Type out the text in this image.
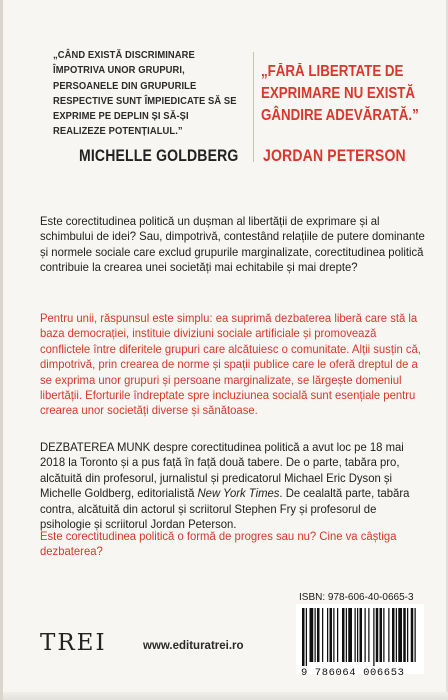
„CÂND EXISTĂ DISCRIMINARE ÎMPOTRIVA UNOR GRUPURI, PERSOANELE DIN GRUPURILE RESPECTIVE SUNT ÎMPIEDICATE SĂ SE EXPRIME PE DEPLIN ȘI SĂ-ȘI REALIZEZE POTENȚIALUL.”
MICHELLE GOLDBERG
„FĂRĂ LIBERTATE DE EXPRIMARE NU EXISTĂ GÂNDIRE ADEVĂRATĂ.”
JORDAN PETERSON
Este corectitudinea politică un dușman al libertății de exprimare și al schimbului de idei? Sau, dimpotrivă, contestând relațiile de putere dominante și normele sociale care exclud grupurile marginalizate, corectitudinea politică contribuie la crearea unei societăți mai echitabile și mai drepte?
Pentru unii, răspunsul este simplu: ea suprimă dezbaterea liberă care stă la baza democrației, instituie diviziuni sociale artificiale și promovează conflictele între diferitele grupuri care alcătuiesc o comunitate. Alții susțin că, dimpotrivă, prin crearea de norme și spații publice care le oferă dreptul de a se exprima unor grupuri și persoane marginalizate, se lărgește domeniul libertății. Eforturile îndreptate spre incluziunea socială sunt esențiale pentru crearea unor societăți diverse și sănătoase.
DEZBATEREA MUNK despre corectitudinea politică a avut loc pe 18 mai 2018 la Toronto și a pus față în față două tabere. De o parte, tabăra pro, alcătuită din profesorul, jurnalistul și predicatorul Michael Eric Dyson și Michelle Goldberg, editorialistă New York Times. De cealaltă parte, tabăra contra, alcătuită din actorul și scriitorul Stephen Fry și profesorul de psihologie și scriitorul Jordan Peterson.
Este corectitudinea politică o formă de progres sau nu? Cine va câștiga dezbaterea?
TREI	www.edituratrei.ro
ISBN: 978-606-40-0665-3
9 786064 006653
